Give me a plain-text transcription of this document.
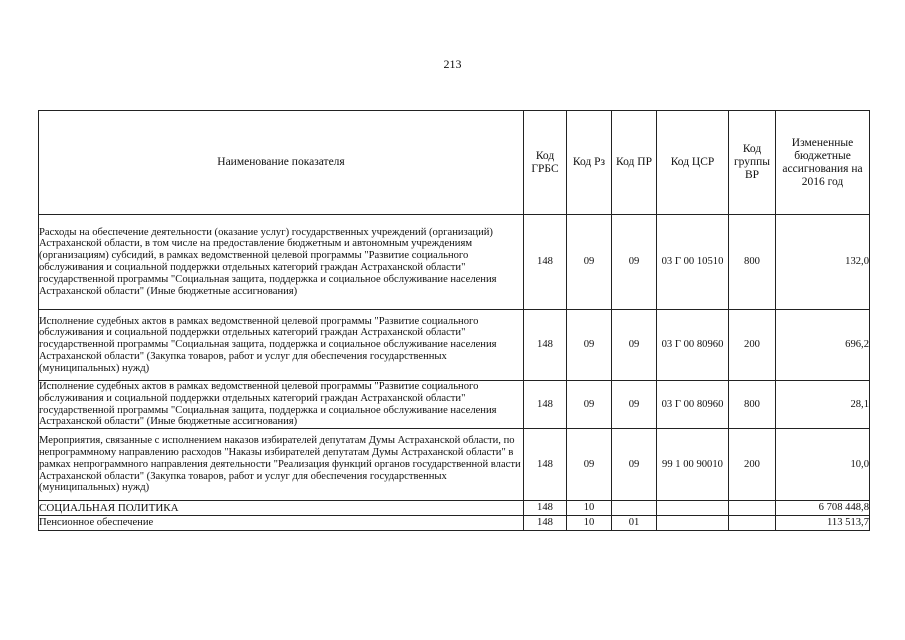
213
Наименование показателя	Код ГРБС	Код Рз	Код ПР	Код ЦСР	Код группы ВР	Измененные бюджетные ассигнования на 2016 год
Расходы на обеспечение деятельности (оказание услуг) государственных учреждений (организаций) Астраханской области, в том числе на предоставление бюджетным и автономным учреждениям (организациям) субсидий, в рамках ведомственной целевой программы "Развитие социального обслуживания и социальной поддержки отдельных категорий граждан Астраханской области" государственной программы "Социальная защита, поддержка и социальное обслуживание населения Астраханской области" (Иные бюджетные ассигнования)	148	09	09	03 Г 00 10510	800	132,0
Исполнение судебных актов в рамках ведомственной целевой программы "Развитие социального обслуживания и социальной поддержки отдельных категорий граждан Астраханской области" государственной программы "Социальная защита, поддержка и социальное обслуживание населения Астраханской области" (Закупка товаров, работ и услуг для обеспечения государственных (муниципальных) нужд)	148	09	09	03 Г 00 80960	200	696,2
Исполнение судебных актов в рамках ведомственной целевой программы "Развитие социального обслуживания и социальной поддержки отдельных категорий граждан Астраханской области" государственной программы "Социальная защита, поддержка и социальное обслуживание населения Астраханской области" (Иные бюджетные ассигнования)	148	09	09	03 Г 00 80960	800	28,1
Мероприятия, связанные с исполнением наказов избирателей депутатам Думы Астраханской области, по непрограммному направлению расходов "Наказы избирателей депутатам Думы Астраханской области" в рамках непрограммного направления деятельности "Реализация функций органов государственной власти Астраханской области" (Закупка товаров, работ и услуг для обеспечения государственных (муниципальных) нужд)	148	09	09	99 1 00 90010	200	10,0
СОЦИАЛЬНАЯ ПОЛИТИКА	148	10				6 708 448,8
Пенсионное обеспечение	148	10	01			113 513,7
